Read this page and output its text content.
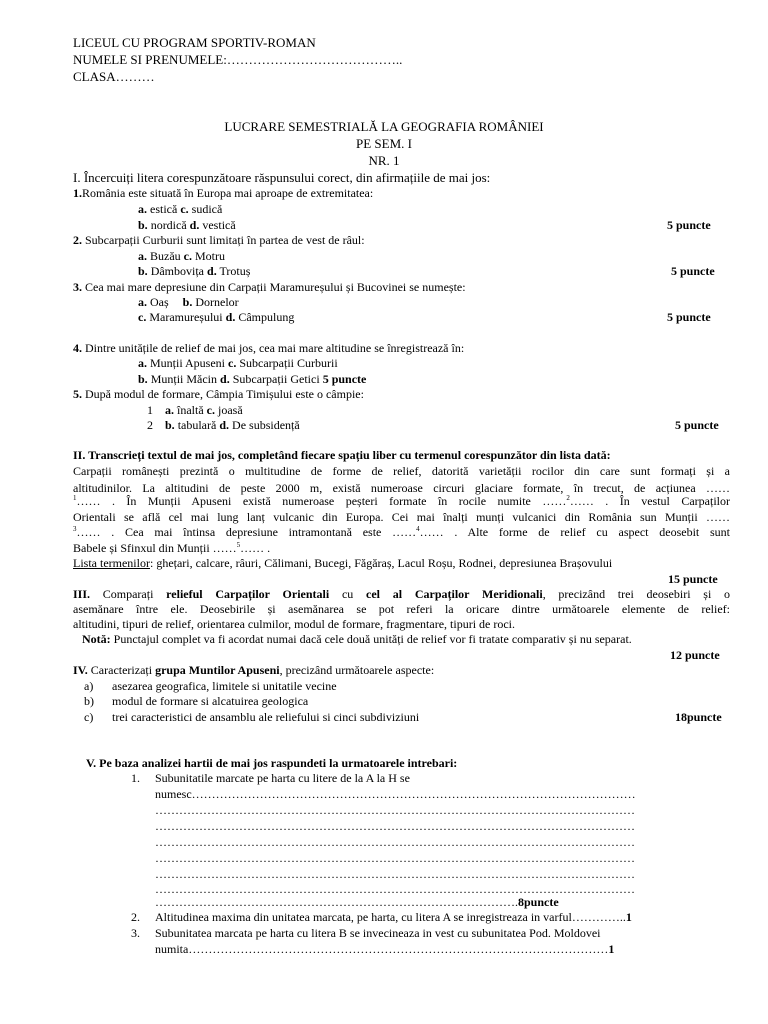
LICEUL CU PROGRAM SPORTIV-ROMAN
NUMELE SI PRENUMELE:…………………………………..
CLASA………
LUCRARE SEMESTRIALĂ LA GEOGRAFIA ROMÂNIEI
PE SEM. I
NR. 1
I. Încercuiți litera corespunzătoare răspunsului corect, din afirmațiile de mai jos:
1.România este situată în Europa mai aproape de extremitatea:
a. estică c. sudică
b. nordică d. vestică	5 puncte
2. Subcarpații Curburii sunt limitați în partea de vest de râul:
a. Buzău c. Motru
b. Dâmbovița d. Trotuș	5 puncte
3. Cea mai mare depresiune din Carpații Maramureșului și Bucovinei se numește:
a. Oaș b. Dornelor
c. Maramureșului d. Câmpulung	5 puncte
4. Dintre unitățile de relief de mai jos, cea mai mare altitudine se înregistrează în:
a. Munții Apuseni c. Subcarpații Curburii
b. Munții Măcin d. Subcarpații Getici 5 puncte
5. După modul de formare, Câmpia Timișului este o câmpie:
1 a. înaltă c. joasă
2 b. tabulară d. De subsidență	5 puncte
II. Transcrieți textul de mai jos, completând fiecare spațiu liber cu termenul corespunzător din lista dată:
Carpații românești prezintă o multitudine de forme de relief, datorită varietății rocilor din care sunt formați și a
altitudinilor. La altitudini de peste 2000 m, există numeroase circuri glaciare formate, în trecut, de acțiunea ……
$^1$…… . În Munții Apuseni există numeroase peșteri formate în rocile numite ……$^2$…… . În vestul Carpaților
Orientali se află cel mai lung lanț vulcanic din Europa. Cei mai înalți munți vulcanici din România sun Munții ……
$^3$…… . Cea mai întinsa depresiune intramontană este ……$^4$…… . Alte forme de relief cu aspect deosebit sunt
Babele și Sfinxul din Munții ……$^5$…… .
Lista termenilor: ghețari, calcare, râuri, Călimani, Bucegi, Făgăraș, Lacul Roșu, Rodnei, depresiunea Brașovului
15 puncte
III. Comparați relieful Carpaților Orientali cu cel al Carpaților Meridionali, precizând trei deosebiri și o
asemănare între ele. Deosebirile și asemănarea se pot referi la oricare dintre următoarele elemente de relief:
altitudini, tipuri de relief, orientarea culmilor, modul de formare, fragmentare, tipuri de roci.
Notă: Punctajul complet va fi acordat numai dacă cele două unități de relief vor fi tratate comparativ și nu separat.
12 puncte
IV. Caracterizați grupa Muntilor Apuseni, precizând următoarele aspecte:
a) asezarea geografica, limitele si unitatile vecine
b) modul de formare si alcatuirea geologica
c) trei caracteristici de ansamblu ale reliefului si cinci subdiviziuni	18puncte
V. Pe baza analizei hartii de mai jos raspundeti la urmatoarele intrebari:
1. Subunitatile marcate pe harta cu litere de la A la H se
numesc…………………………………………………………………………………………………
…………………………………………………………………………………………………………
…………………………………………………………………………………………………………
…………………………………………………………………………………………………………
…………………………………………………………………………………………………………
…………………………………………………………………………………………………………
…………………………………………………………………………………………………………
……………………………………………………………………………….8puncte
2. Altitudinea maxima din unitatea marcata, pe harta, cu litera A se inregistreaza in varful…………..1
3. Subunitatea marcata pe harta cu litera B se invecineaza in vest cu subunitatea Pod. Moldovei
numita……………………………………………………………………………………………1
